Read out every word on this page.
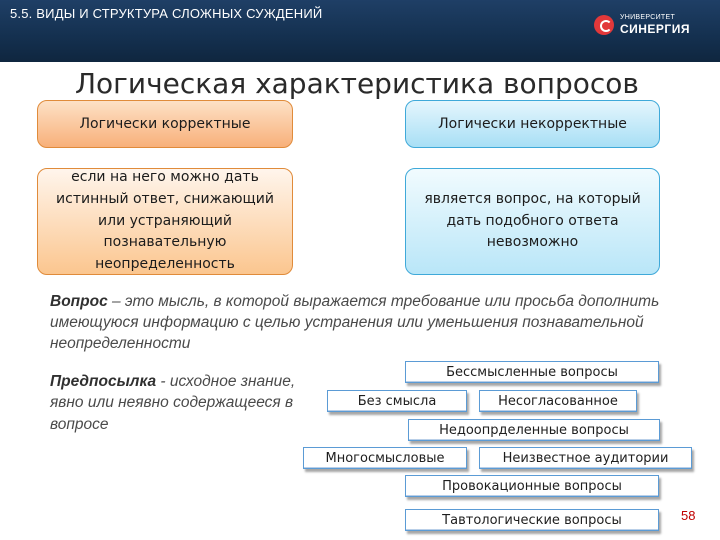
5.5. ВИДЫ И СТРУКТУРА СЛОЖНЫХ СУЖДЕНИЙ	УНИВЕРСИТЕТ
СИНЕРГИЯ
Логическая характеристика вопросов
Логически корректные	Логически некорректные
если на него можно дать истинный ответ, снижающий или устраняющий познавательную неопределенность
является вопрос, на который дать подобного ответа невозможно
Вопрос – это мысль, в которой выражается требование или просьба дополнить имеющуюся информацию с целью устранения или уменьшения познавательной неопределенности
Предпосылка - исходное знание, явно или неявно содержащееся в вопросе
Бессмысленные вопросы
Без смысла	Несогласованное
Недоопрделенные вопросы
Многосмысловые	Неизвестное аудитории
Провокационные вопросы
Тавтологические вопросы	58
